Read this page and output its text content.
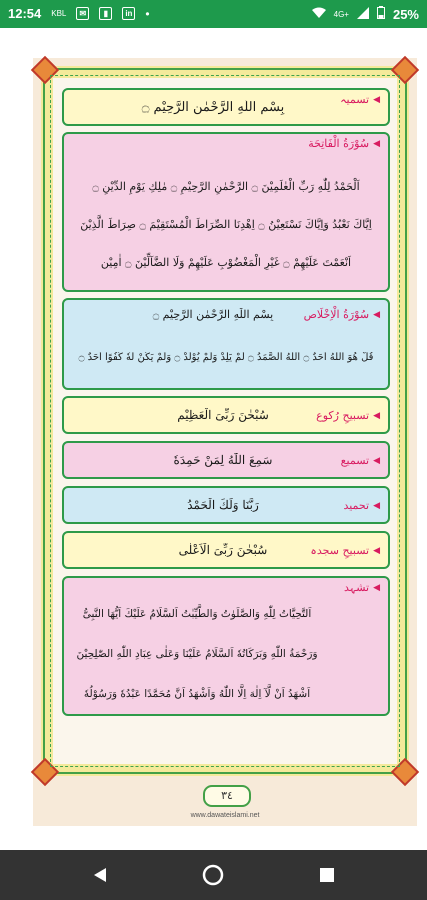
12:54 KBL	✉	▮	in •	4G+	25%
◀
تسمیہ
بِسْمِ اللّٰهِ الرَّحْمٰنِ الرَّحِيْمِ ۝
◀
سُوْرَةُ الْفَاتِحَة
اَلْحَمْدُ لِلّٰهِ رَبِّ الْعٰلَمِيْنَ ۝ الرَّحْمٰنِ الرَّحِيْمِ ۝ مٰلِكِ يَوْمِ الدِّيْنِ ۝
اِيَّاكَ نَعْبُدُ وَاِيَّاكَ نَسْتَعِيْنُ ۝ اِهْدِنَا الصِّرَاطَ الْمُسْتَقِيْمَ ۝ صِرَاطَ الَّذِيْنَ
اَنْعَمْتَ عَلَيْهِمْ ۝ غَيْرِ الْمَغْضُوْبِ عَلَيْهِمْ وَلَا الضَّآلِّيْنَ ۝ اٰمِيْن
◀
سُوْرَةُ الْاِخْلَاص
بِسْمِ اللّٰهِ الرَّحْمٰنِ الرَّحِيْمِ ۝
قُلْ هُوَ اللّٰهُ اَحَدٌ ۝ اَللّٰهُ الصَّمَدُ ۝ لَمْ يَلِدْ وَلَمْ يُوْلَدْ ۝ وَلَمْ يَكُنْ لَّهٗ كُفُوًا اَحَدٌ ۝
◀
تسبیحِ رُکوع
سُبْحٰنَ رَبِّىَ الْعَظِيْمِ
◀
تسمیع
سَمِعَ اللّٰهُ لِمَنْ حَمِدَهٗ
◀
تحمید
رَبَّنَا وَلَكَ الْحَمْدُ
◀
تسبیحِ سجدہ
سُبْحٰنَ رَبِّىَ الْاَعْلٰى
◀
تشہد
اَلتَّحِيَّاتُ لِلّٰهِ وَالصَّلَوٰتُ وَالطَّيِّبٰتُ اَلسَّلَامُ عَلَيْكَ اَيُّهَا النَّبِىُّ
وَرَحْمَةُ اللّٰهِ وَبَرَكَاتُهٗ اَلسَّلَامُ عَلَيْنَا وَعَلٰى عِبَادِ اللّٰهِ الصّٰلِحِيْنَ
اَشْهَدُ اَنْ لَّآ اِلٰهَ اِلَّا اللّٰهُ وَاَشْهَدُ اَنَّ مُحَمَّدًا عَبْدُهٗ وَرَسُوْلُهٗ
٣٤
www.dawateislami.net
